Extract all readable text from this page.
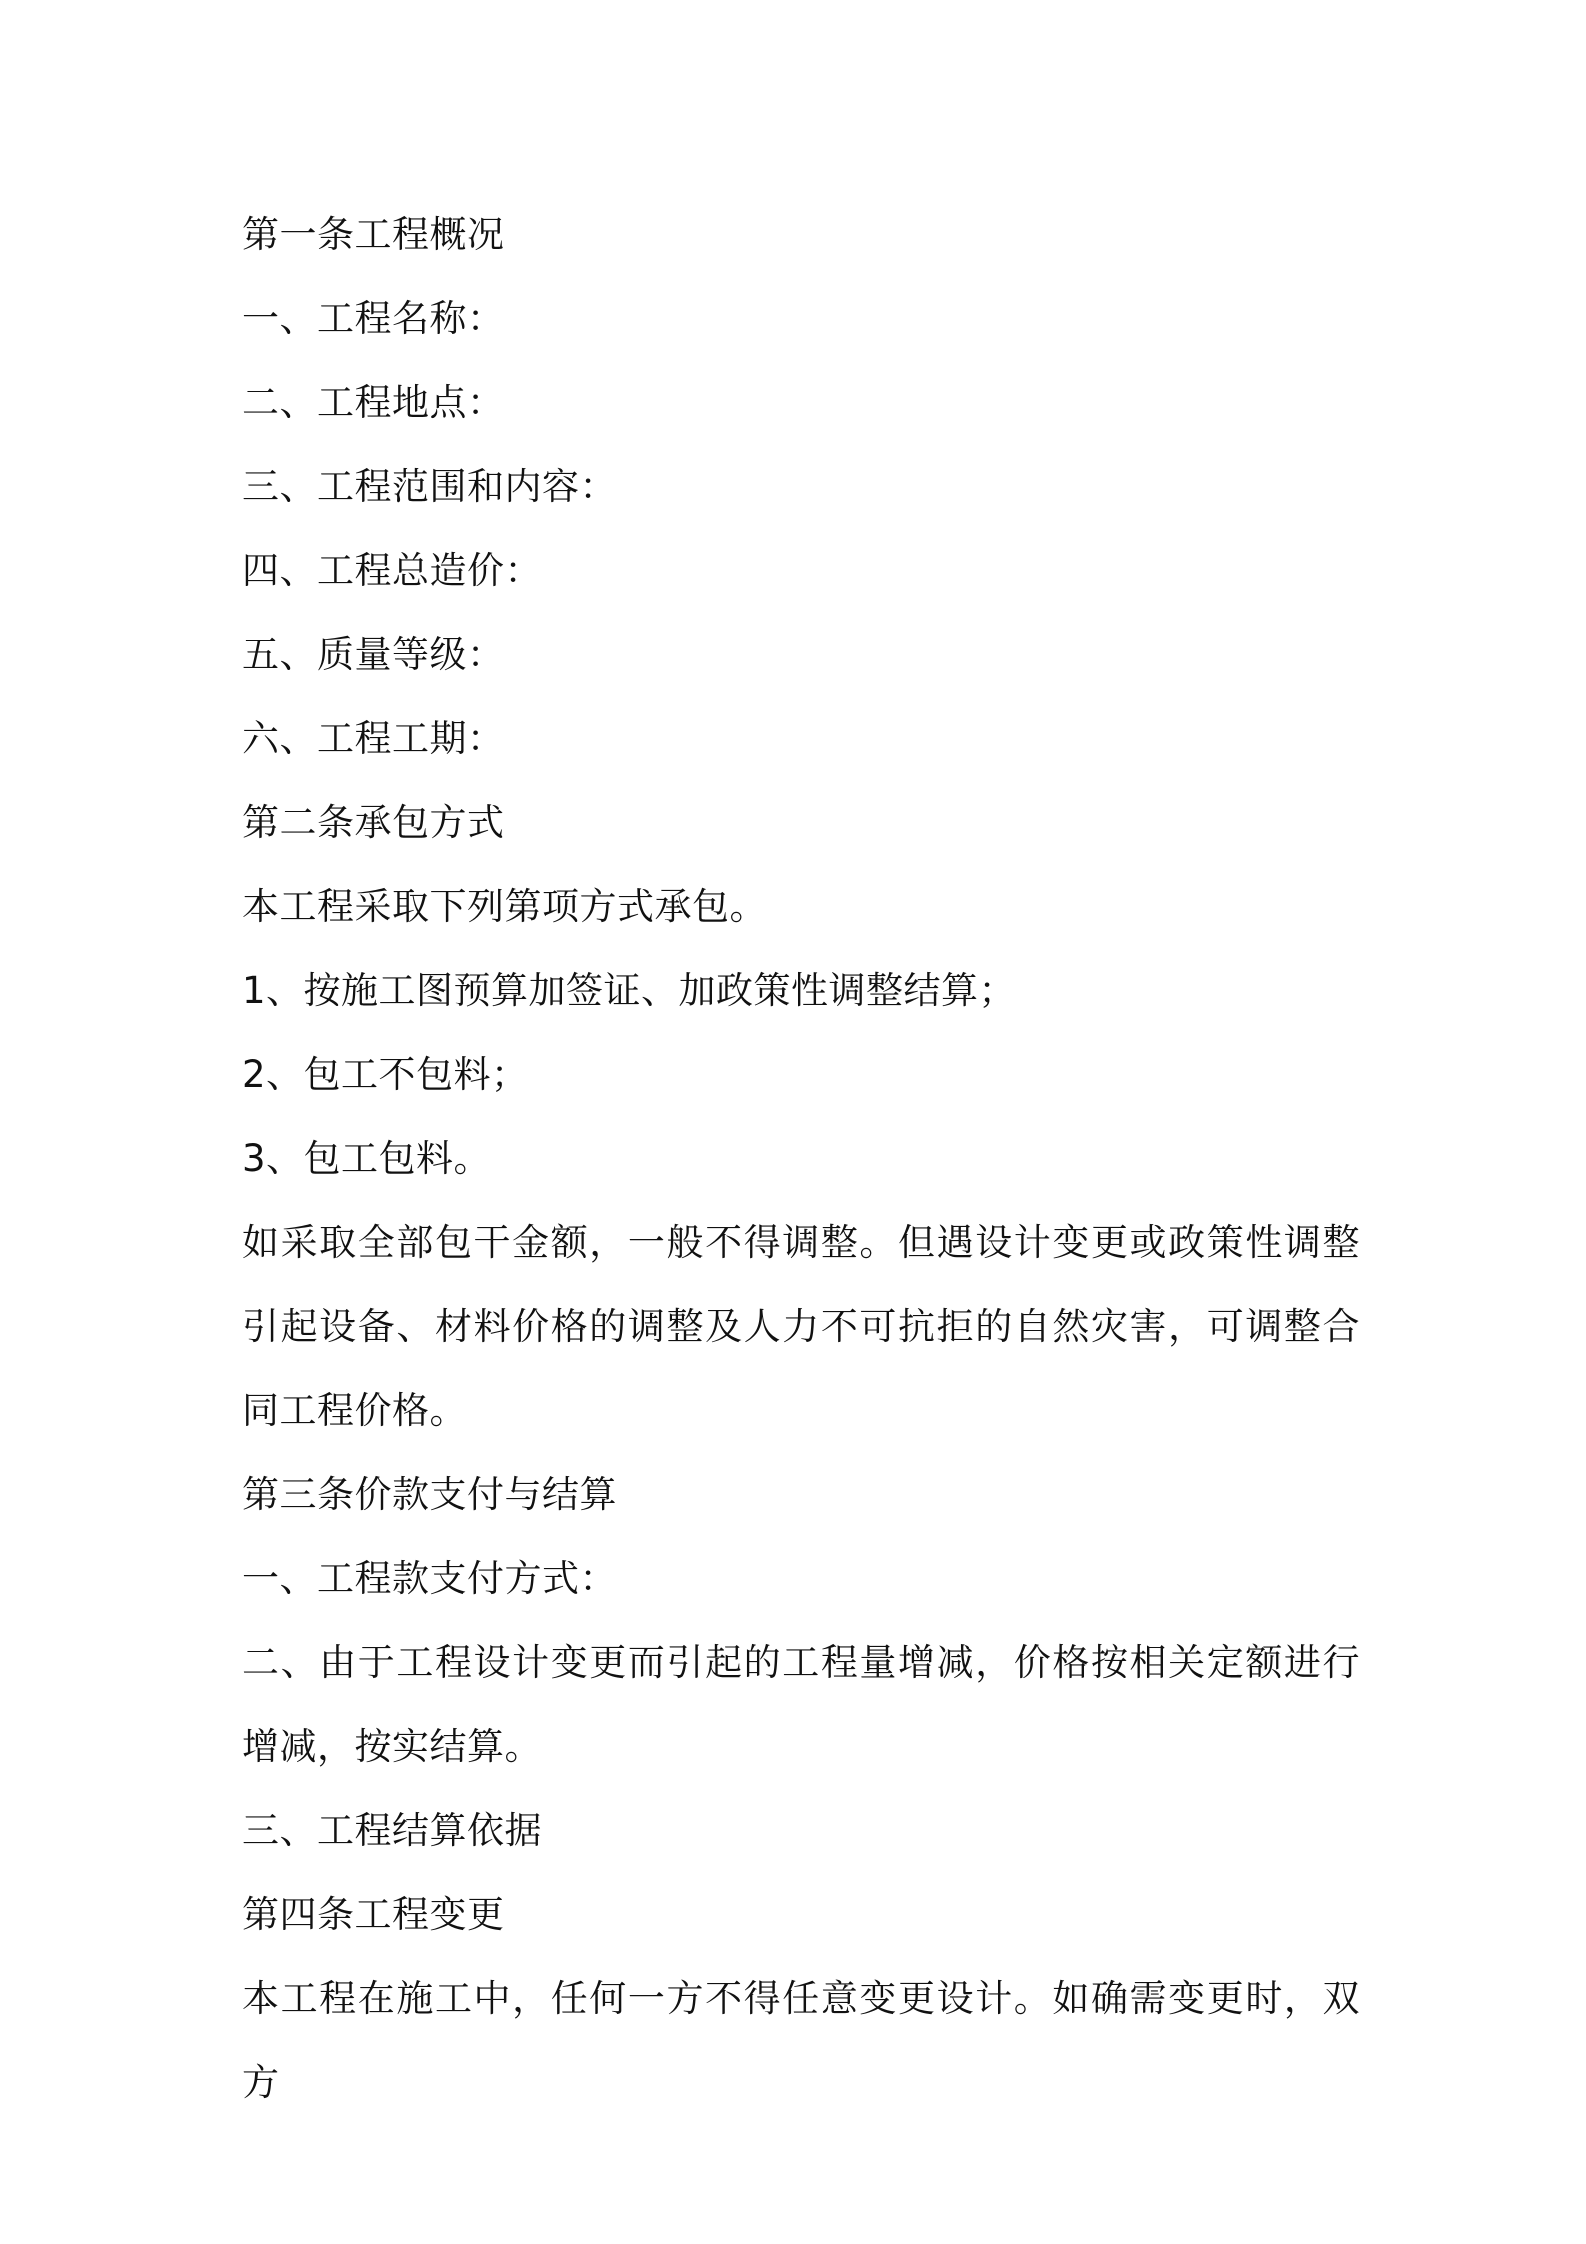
第一条工程概况

一、工程名称：

二、工程地点：

三、工程范围和内容：

四、工程总造价：

五、质量等级：

六、工程工期：

第二条承包方式

本工程采取下列第项方式承包。

1、按施工图预算加签证、加政策性调整结算；

2、包工不包料；

3、包工包料。

如采取全部包干金额，一般不得调整。但遇设计变更或政策性调整引起设备、材料价格的调整及人力不可抗拒的自然灾害，可调整合同工程价格。

第三条价款支付与结算

一、工程款支付方式：

二、由于工程设计变更而引起的工程量增减，价格按相关定额进行增减，按实结算。

三、工程结算依据

第四条工程变更

本工程在施工中，任何一方不得任意变更设计。如确需变更时，双方
